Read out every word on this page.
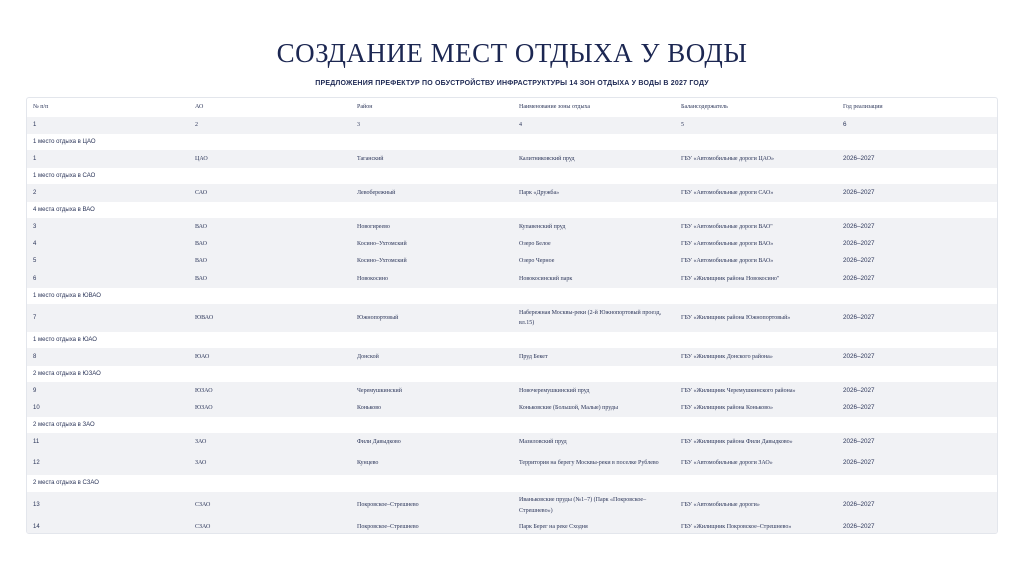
СОЗДАНИЕ МЕСТ ОТДЫХА У ВОДЫ
ПРЕДЛОЖЕНИЯ ПРЕФЕКТУР ПО ОБУСТРОЙСТВУ ИНФРАСТРУКТУРЫ 14 ЗОН ОТДЫХА У ВОДЫ В 2027 ГОДУ
№ п/п	АО	Район	Наименование зоны отдыха	Балансодержатель	Год реализации
1	2	3	4	5	6
1 место отдыха в ЦАО					
1	ЦАО	Таганский	Калитниковский пруд	ГБУ «Автомобильные дороги ЦАО»	2026–2027
1 место отдыха в САО					
2	САО	Левобережный	Парк «Дружба»	ГБУ «Автомобильные дороги САО»	2026–2027
4 места отдыха в ВАО					
3	ВАО	Новогиреево	Купавенский пруд	ГБУ «Автомобильные дороги ВАО"	2026–2027
4	ВАО	Косино–Ухтомский	Озеро Белое	ГБУ «Автомобильные дороги ВАО»	2026–2027
5	ВАО	Косино–Ухтомский	Озеро Черное	ГБУ «Автомобильные дороги ВАО»	2026–2027
6	ВАО	Новокосино	Новокосинский парк	ГБУ «Жилищник района Новокосино"	2026–2027
1 место отдыха в ЮВАО					
7	ЮВАО	Южнопортовый	Набережная Москвы-реки (2-й Южнопортовый проезд, вл.15)	ГБУ «Жилищник района Южнопортовый»	2026–2027
1 место отдыха в ЮАО					
8	ЮАО	Донской	Пруд Бекет	ГБУ «Жилищник Донского района»	2026–2027
2 места отдыха в ЮЗАО					
9	ЮЗАО	Черемушкинский	Новочеремушкинский пруд	ГБУ «Жилищник Черемушкинского района»	2026–2027
10	ЮЗАО	Коньково	Коньковские (Большой, Малые) пруды	ГБУ «Жилищник района Коньково»	2026–2027
2 места отдыха в ЗАО					
11	ЗАО	Фили Давыдково	Мазиловский пруд	ГБУ «Жилищник района Фили Давыдково»	2026–2027
12	ЗАО	Кунцево	Территория на берегу Москвы-реки в поселке Рублево	ГБУ «Автомобильные дороги ЗАО»	2026–2027
2 места отдыха в СЗАО					
13	СЗАО	Покровское–Стрешнево	Иваньковские пруды (№1–7) (Парк «Покровское–Стрешнево»)	ГБУ «Автомобильные дороги»	2026–2027
14	СЗАО	Покровское–Стрешнево	Парк Берег на реке Сходня	ГБУ «Жилищник Покровское–Стрешнево»	2026–2027
